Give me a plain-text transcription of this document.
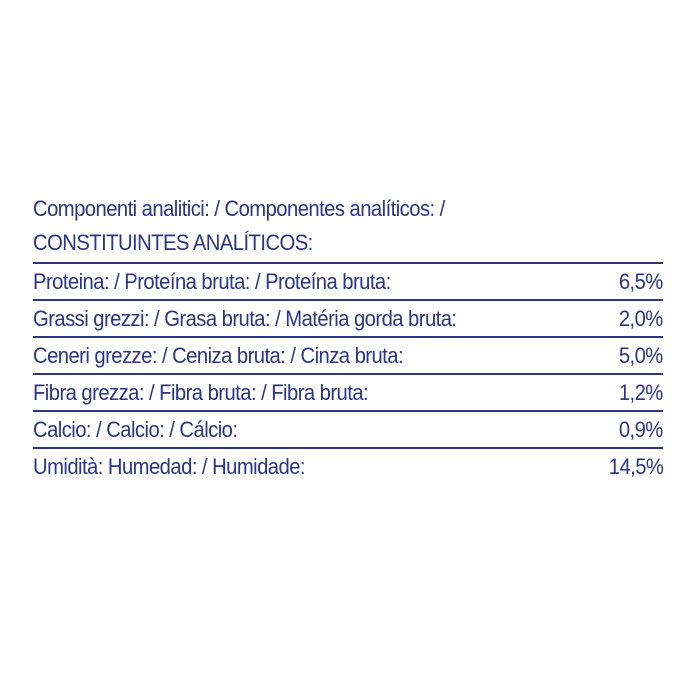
Componenti analitici: / Componentes analíticos: /
CONSTITUINTES ANALÍTICOS:
Proteina: / Proteína bruta: / Proteína bruta:	6,5%
Grassi grezzi: / Grasa bruta: / Matéria gorda bruta:	2,0%
Ceneri grezze: / Ceniza bruta: / Cinza bruta:	5,0%
Fibra grezza: / Fibra bruta: / Fibra bruta:	1,2%
Calcio: / Calcio: / Cálcio:	0,9%
Umidità: Humedad: / Humidade:	14,5%
